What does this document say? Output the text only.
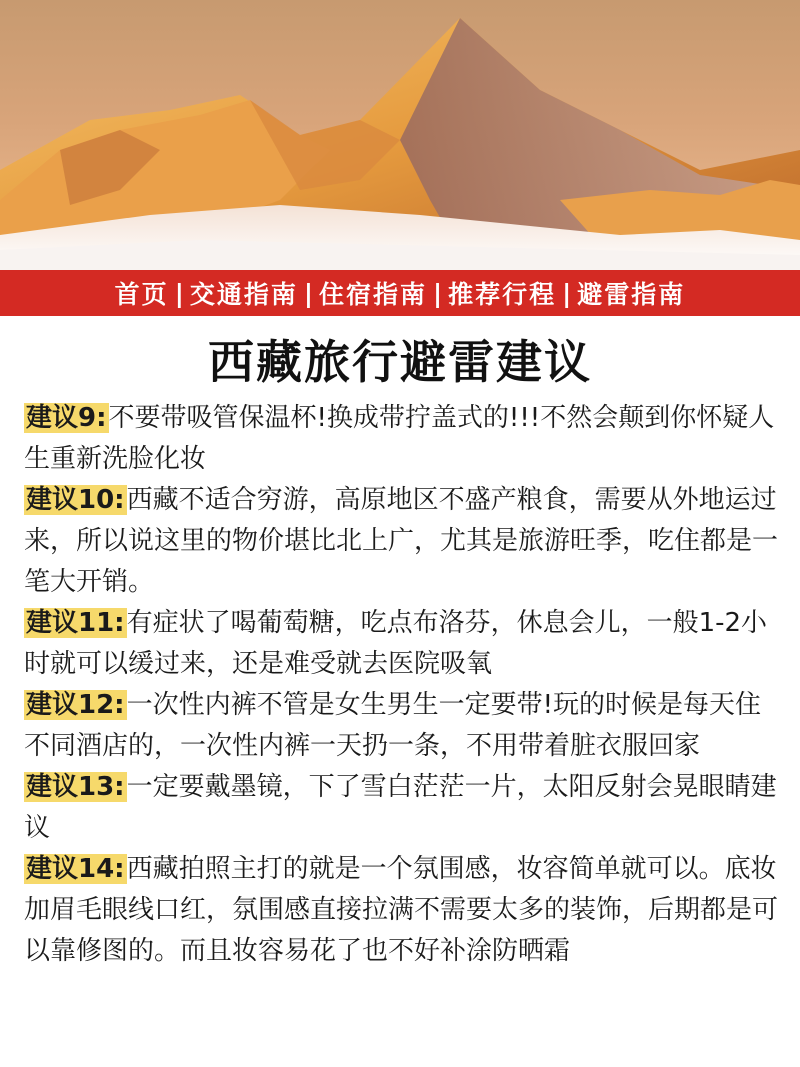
首页 | 交通指南 | 住宿指南 | 推荐行程 | 避雷指南
西藏旅行避雷建议

建议9:不要带吸管保温杯!换成带拧盖式的!!!不然会颠到你怀疑人生重新洗脸化妆

建议10:西藏不适合穷游，高原地区不盛产粮食，需要从外地运过来，所以说这里的物价堪比北上广，尤其是旅游旺季，吃住都是一笔大开销。

建议11:有症状了喝葡萄糖，吃点布洛芬，休息会儿，一般1-2小时就可以缓过来，还是难受就去医院吸氧

建议12:一次性内裤不管是女生男生一定要带!玩的时候是每天住不同酒店的，一次性内裤一天扔一条，不用带着脏衣服回家

建议13:一定要戴墨镜，下了雪白茫茫一片，太阳反射会晃眼睛建议

建议14:西藏拍照主打的就是一个氛围感，妆容简单就可以。底妆加眉毛眼线口红，氛围感直接拉满不需要太多的装饰，后期都是可以靠修图的。而且妆容易花了也不好补涂防晒霜
